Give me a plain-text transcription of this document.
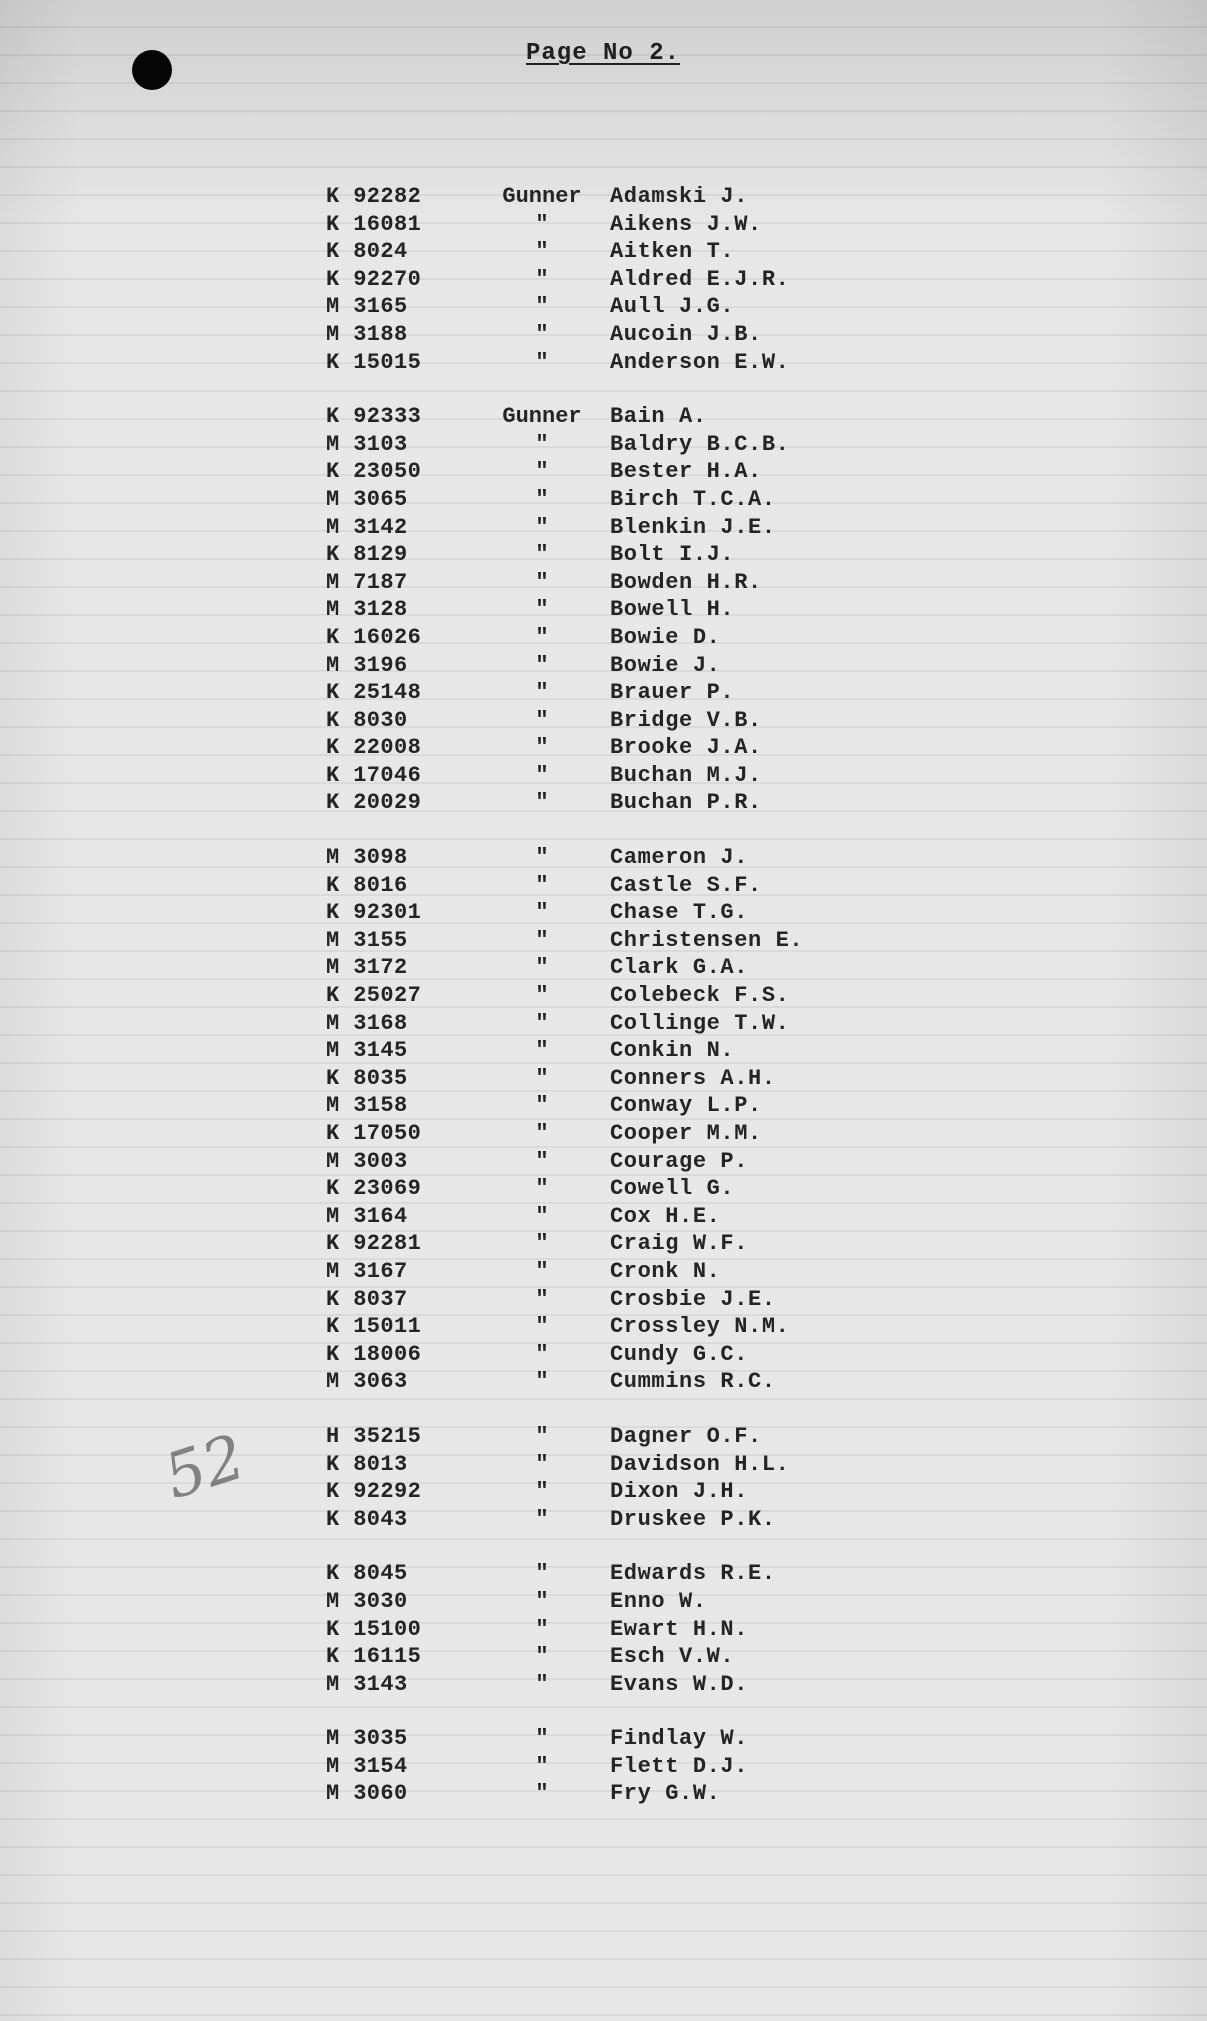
Page No 2.
52
K 92282	Gunner	Adamski J.
K 16081	"	Aikens J.W.
K 8024	"	Aitken T.
K 92270	"	Aldred E.J.R.
M 3165	"	Aull J.G.
M 3188	"	Aucoin J.B.
K 15015	"	Anderson E.W.
K 92333	Gunner	Bain A.
M 3103	"	Baldry B.C.B.
K 23050	"	Bester H.A.
M 3065	"	Birch T.C.A.
M 3142	"	Blenkin J.E.
K 8129	"	Bolt I.J.
M 7187	"	Bowden H.R.
M 3128	"	Bowell H.
K 16026	"	Bowie D.
M 3196	"	Bowie J.
K 25148	"	Brauer P.
K 8030	"	Bridge V.B.
K 22008	"	Brooke J.A.
K 17046	"	Buchan M.J.
K 20029	"	Buchan P.R.
M 3098	"	Cameron J.
K 8016	"	Castle S.F.
K 92301	"	Chase T.G.
M 3155	"	Christensen E.
M 3172	"	Clark G.A.
K 25027	"	Colebeck F.S.
M 3168	"	Collinge T.W.
M 3145	"	Conkin N.
K 8035	"	Conners A.H.
M 3158	"	Conway L.P.
K 17050	"	Cooper M.M.
M 3003	"	Courage P.
K 23069	"	Cowell G.
M 3164	"	Cox H.E.
K 92281	"	Craig W.F.
M 3167	"	Cronk N.
K 8037	"	Crosbie J.E.
K 15011	"	Crossley N.M.
K 18006	"	Cundy G.C.
M 3063	"	Cummins R.C.
H 35215	"	Dagner O.F.
K 8013	"	Davidson H.L.
K 92292	"	Dixon J.H.
K 8043	"	Druskee P.K.
K 8045	"	Edwards R.E.
M 3030	"	Enno W.
K 15100	"	Ewart H.N.
K 16115	"	Esch V.W.
M 3143	"	Evans W.D.
M 3035	"	Findlay W.
M 3154	"	Flett D.J.
M 3060	"	Fry G.W.
